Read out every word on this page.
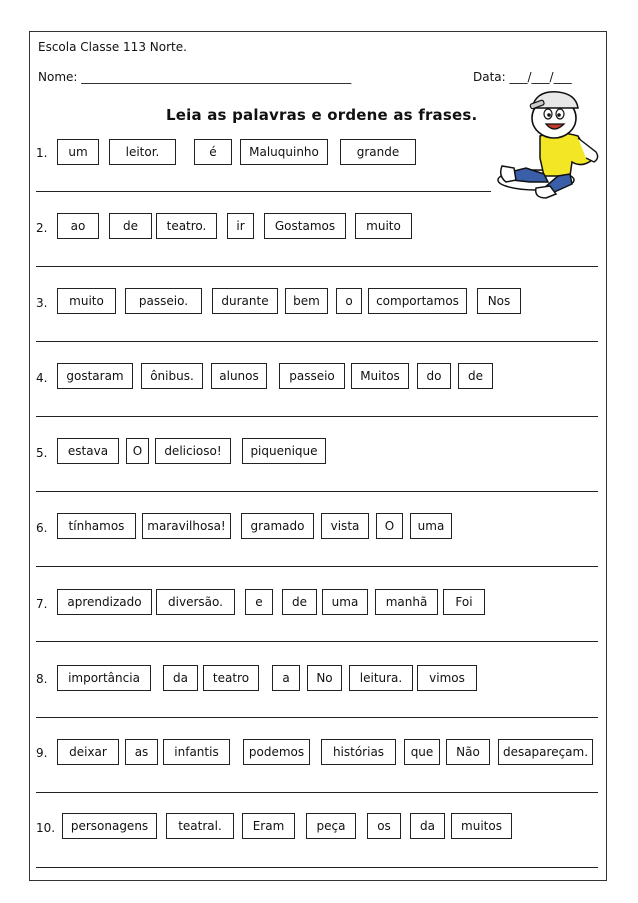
Escola Classe 113 Norte.
Nome: _____________________________________________	Data: ___/___/___
Leia as palavras e ordene as frases.
1.	um	leitor.	é	Maluquinho	grande
2.	ao	de	teatro.	ir	Gostamos	muito
3.	muito	passeio.	durante	bem	o	comportamos	Nos
4.	gostaram	ônibus.	alunos	passeio	Muitos	do	de
5.	estava	O	delicioso!	piquenique
6.	tínhamos	maravilhosa!	gramado	vista	O	uma
7.	aprendizado	diversão.	e	de	uma	manhã	Foi
8.	importância	da	teatro	a	No	leitura.	vimos
9.	deixar	as	infantis	podemos	histórias	que	Não	desapareçam.
10.	personagens	teatral.	Eram	peça	os	da	muitos
